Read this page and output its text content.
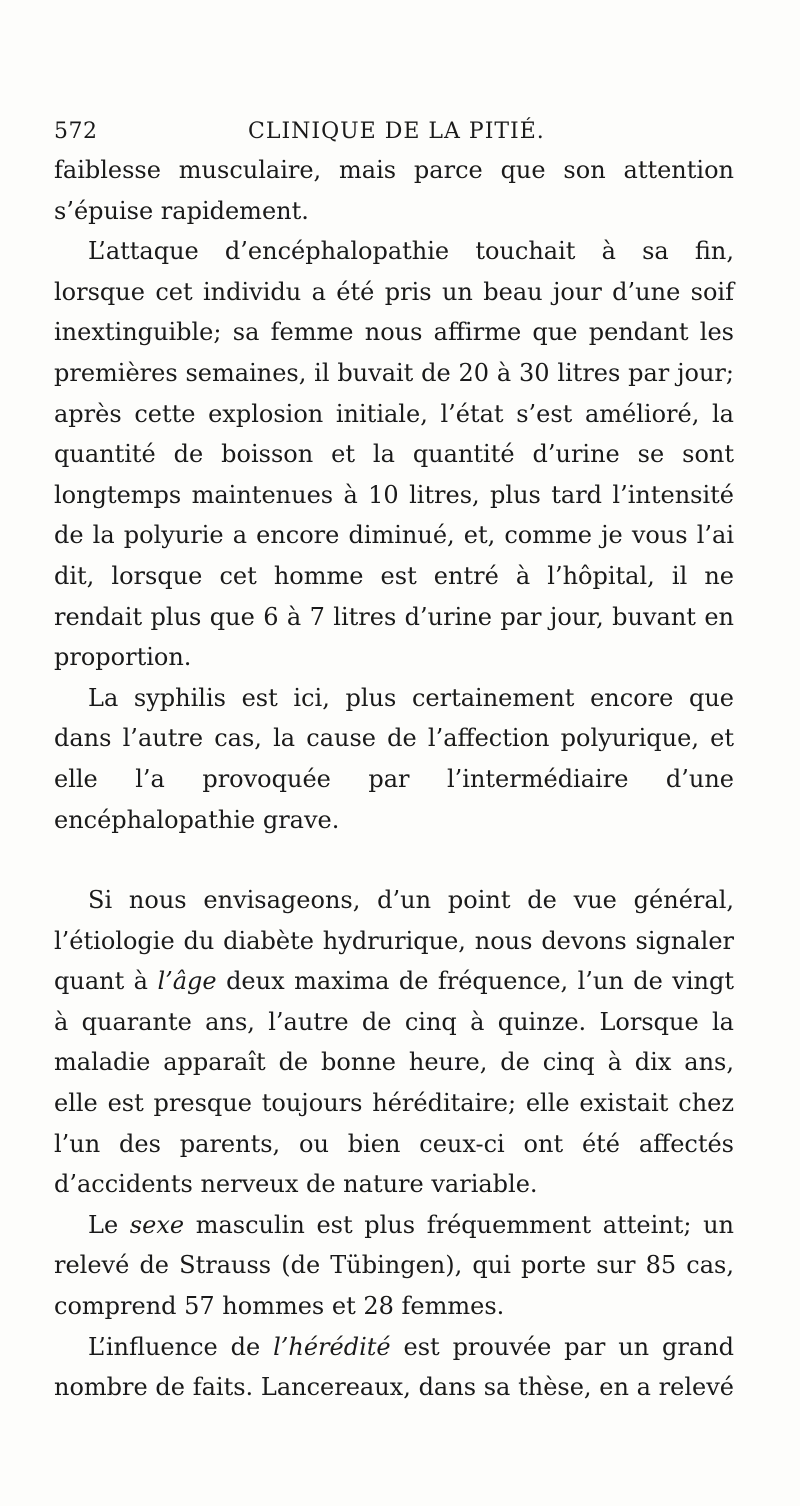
572	CLINIQUE DE LA PITIÉ.

faiblesse musculaire, mais parce que son attention s’épuise rapidement.

L’attaque d’encéphalopathie touchait à sa fin, lorsque cet individu a été pris un beau jour d’une soif inextinguible; sa femme nous affirme que pendant les premières semaines, il buvait de 20 à 30 litres par jour; après cette explosion initiale, l’état s’est amélioré, la quantité de boisson et la quantité d’urine se sont longtemps maintenues à 10 litres, plus tard l’intensité de la polyurie a encore diminué, et, comme je vous l’ai dit, lorsque cet homme est entré à l’hôpital, il ne rendait plus que 6 à 7 litres d’urine par jour, buvant en proportion.

La syphilis est ici, plus certainement encore que dans l’autre cas, la cause de l’affection polyurique, et elle l’a provoquée par l’intermédiaire d’une encéphalopathie grave.

Si nous envisageons, d’un point de vue général, l’étiologie du diabète hydrurique, nous devons signaler quant à l’âge deux maxima de fréquence, l’un de vingt à quarante ans, l’autre de cinq à quinze. Lorsque la maladie apparaît de bonne heure, de cinq à dix ans, elle est presque toujours héréditaire; elle existait chez l’un des parents, ou bien ceux-ci ont été affectés d’accidents nerveux de nature variable.

Le sexe masculin est plus fréquemment atteint; un relevé de Strauss (de Tübingen), qui porte sur 85 cas, comprend 57 hommes et 28 femmes.

L’influence de l’hérédité est prouvée par un grand nombre de faits. Lancereaux, dans sa thèse, en a relevé
